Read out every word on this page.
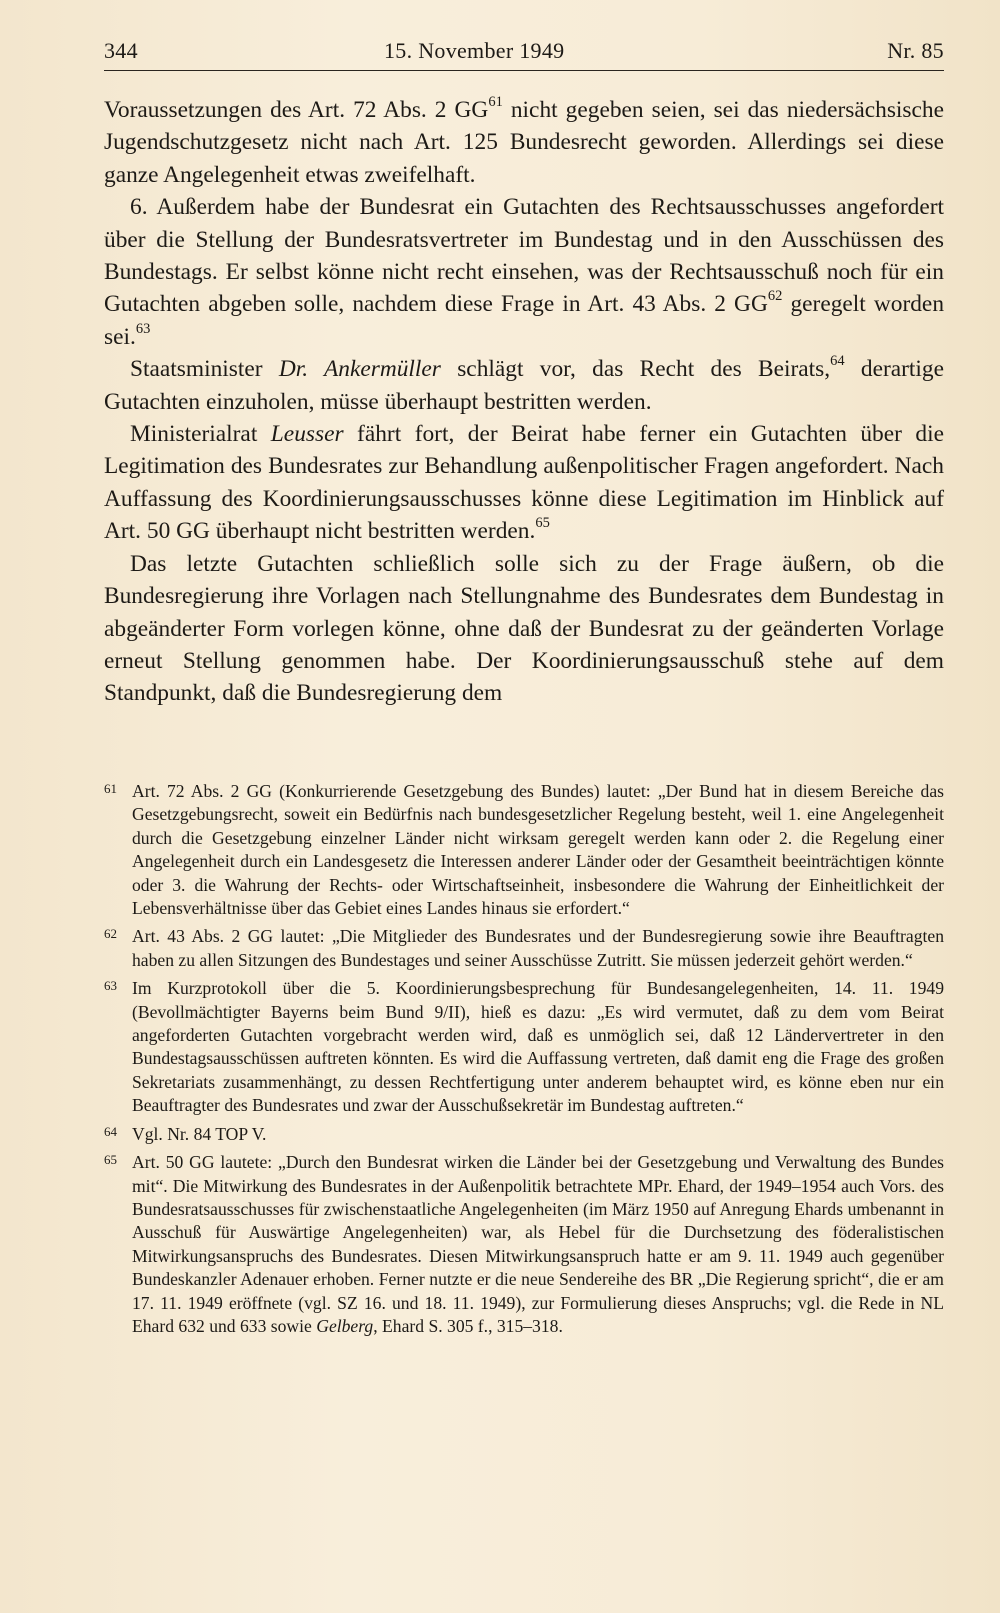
344	15. November 1949	Nr. 85

Voraussetzungen des Art. 72 Abs. 2 GG$^{61}$ nicht gegeben seien, sei das niedersächsische Jugendschutzgesetz nicht nach Art. 125 Bundesrecht geworden. Allerdings sei diese ganze Angelegenheit etwas zweifelhaft.

6. Außerdem habe der Bundesrat ein Gutachten des Rechtsausschusses angefordert über die Stellung der Bundesratsvertreter im Bundestag und in den Ausschüssen des Bundestags. Er selbst könne nicht recht einsehen, was der Rechtsausschuß noch für ein Gutachten abgeben solle, nachdem diese Frage in Art. 43 Abs. 2 GG$^{62}$ geregelt worden sei.$^{63}$

Staatsminister Dr. Ankermüller schlägt vor, das Recht des Beirats,$^{64}$ derartige Gutachten einzuholen, müsse überhaupt bestritten werden.

Ministerialrat Leusser fährt fort, der Beirat habe ferner ein Gutachten über die Legitimation des Bundesrates zur Behandlung außenpolitischer Fragen angefordert. Nach Auffassung des Koordinierungsausschusses könne diese Legitimation im Hinblick auf Art. 50 GG überhaupt nicht bestritten werden.$^{65}$

Das letzte Gutachten schließlich solle sich zu der Frage äußern, ob die Bundesregierung ihre Vorlagen nach Stellungnahme des Bundesrates dem Bundestag in abgeänderter Form vorlegen könne, ohne daß der Bundesrat zu der geänderten Vorlage erneut Stellung genommen habe. Der Koordinierungsausschuß stehe auf dem Standpunkt, daß die Bundesregierung dem

61 Art. 72 Abs. 2 GG (Konkurrierende Gesetzgebung des Bundes) lautet: „Der Bund hat in diesem Bereiche das Gesetzgebungsrecht, soweit ein Bedürfnis nach bundesgesetzlicher Regelung besteht, weil 1. eine Angelegenheit durch die Gesetzgebung einzelner Länder nicht wirksam geregelt werden kann oder 2. die Regelung einer Angelegenheit durch ein Landesgesetz die Interessen anderer Länder oder der Gesamtheit beeinträchtigen könnte oder 3. die Wahrung der Rechts- oder Wirtschaftseinheit, insbesondere die Wahrung der Einheitlichkeit der Lebensverhältnisse über das Gebiet eines Landes hinaus sie erfordert.“
62 Art. 43 Abs. 2 GG lautet: „Die Mitglieder des Bundesrates und der Bundesregierung sowie ihre Beauftragten haben zu allen Sitzungen des Bundestages und seiner Ausschüsse Zutritt. Sie müssen jederzeit gehört werden.“
63 Im Kurzprotokoll über die 5. Koordinierungsbesprechung für Bundesangelegenheiten, 14. 11. 1949 (Bevollmächtigter Bayerns beim Bund 9/II), hieß es dazu: „Es wird vermutet, daß zu dem vom Beirat angeforderten Gutachten vorgebracht werden wird, daß es unmöglich sei, daß 12 Ländervertreter in den Bundestagsausschüssen auftreten könnten. Es wird die Auffassung vertreten, daß damit eng die Frage des großen Sekretariats zusammenhängt, zu dessen Rechtfertigung unter anderem behauptet wird, es könne eben nur ein Beauftragter des Bundesrates und zwar der Ausschußsekretär im Bundestag auftreten.“
64 Vgl. Nr. 84 TOP V.
65 Art. 50 GG lautete: „Durch den Bundesrat wirken die Länder bei der Gesetzgebung und Verwaltung des Bundes mit“. Die Mitwirkung des Bundesrates in der Außenpolitik betrachtete MPr. Ehard, der 1949–1954 auch Vors. des Bundesratsausschusses für zwischenstaatliche Angelegenheiten (im März 1950 auf Anregung Ehards umbenannt in Ausschuß für Auswärtige Angelegenheiten) war, als Hebel für die Durchsetzung des föderalistischen Mitwirkungsanspruchs des Bundesrates. Diesen Mitwirkungsanspruch hatte er am 9. 11. 1949 auch gegenüber Bundeskanzler Adenauer erhoben. Ferner nutzte er die neue Sendereihe des BR „Die Regierung spricht“, die er am 17. 11. 1949 eröffnete (vgl. SZ 16. und 18. 11. 1949), zur Formulierung dieses Anspruchs; vgl. die Rede in NL Ehard 632 und 633 sowie Gelberg, Ehard S. 305 f., 315–318.
